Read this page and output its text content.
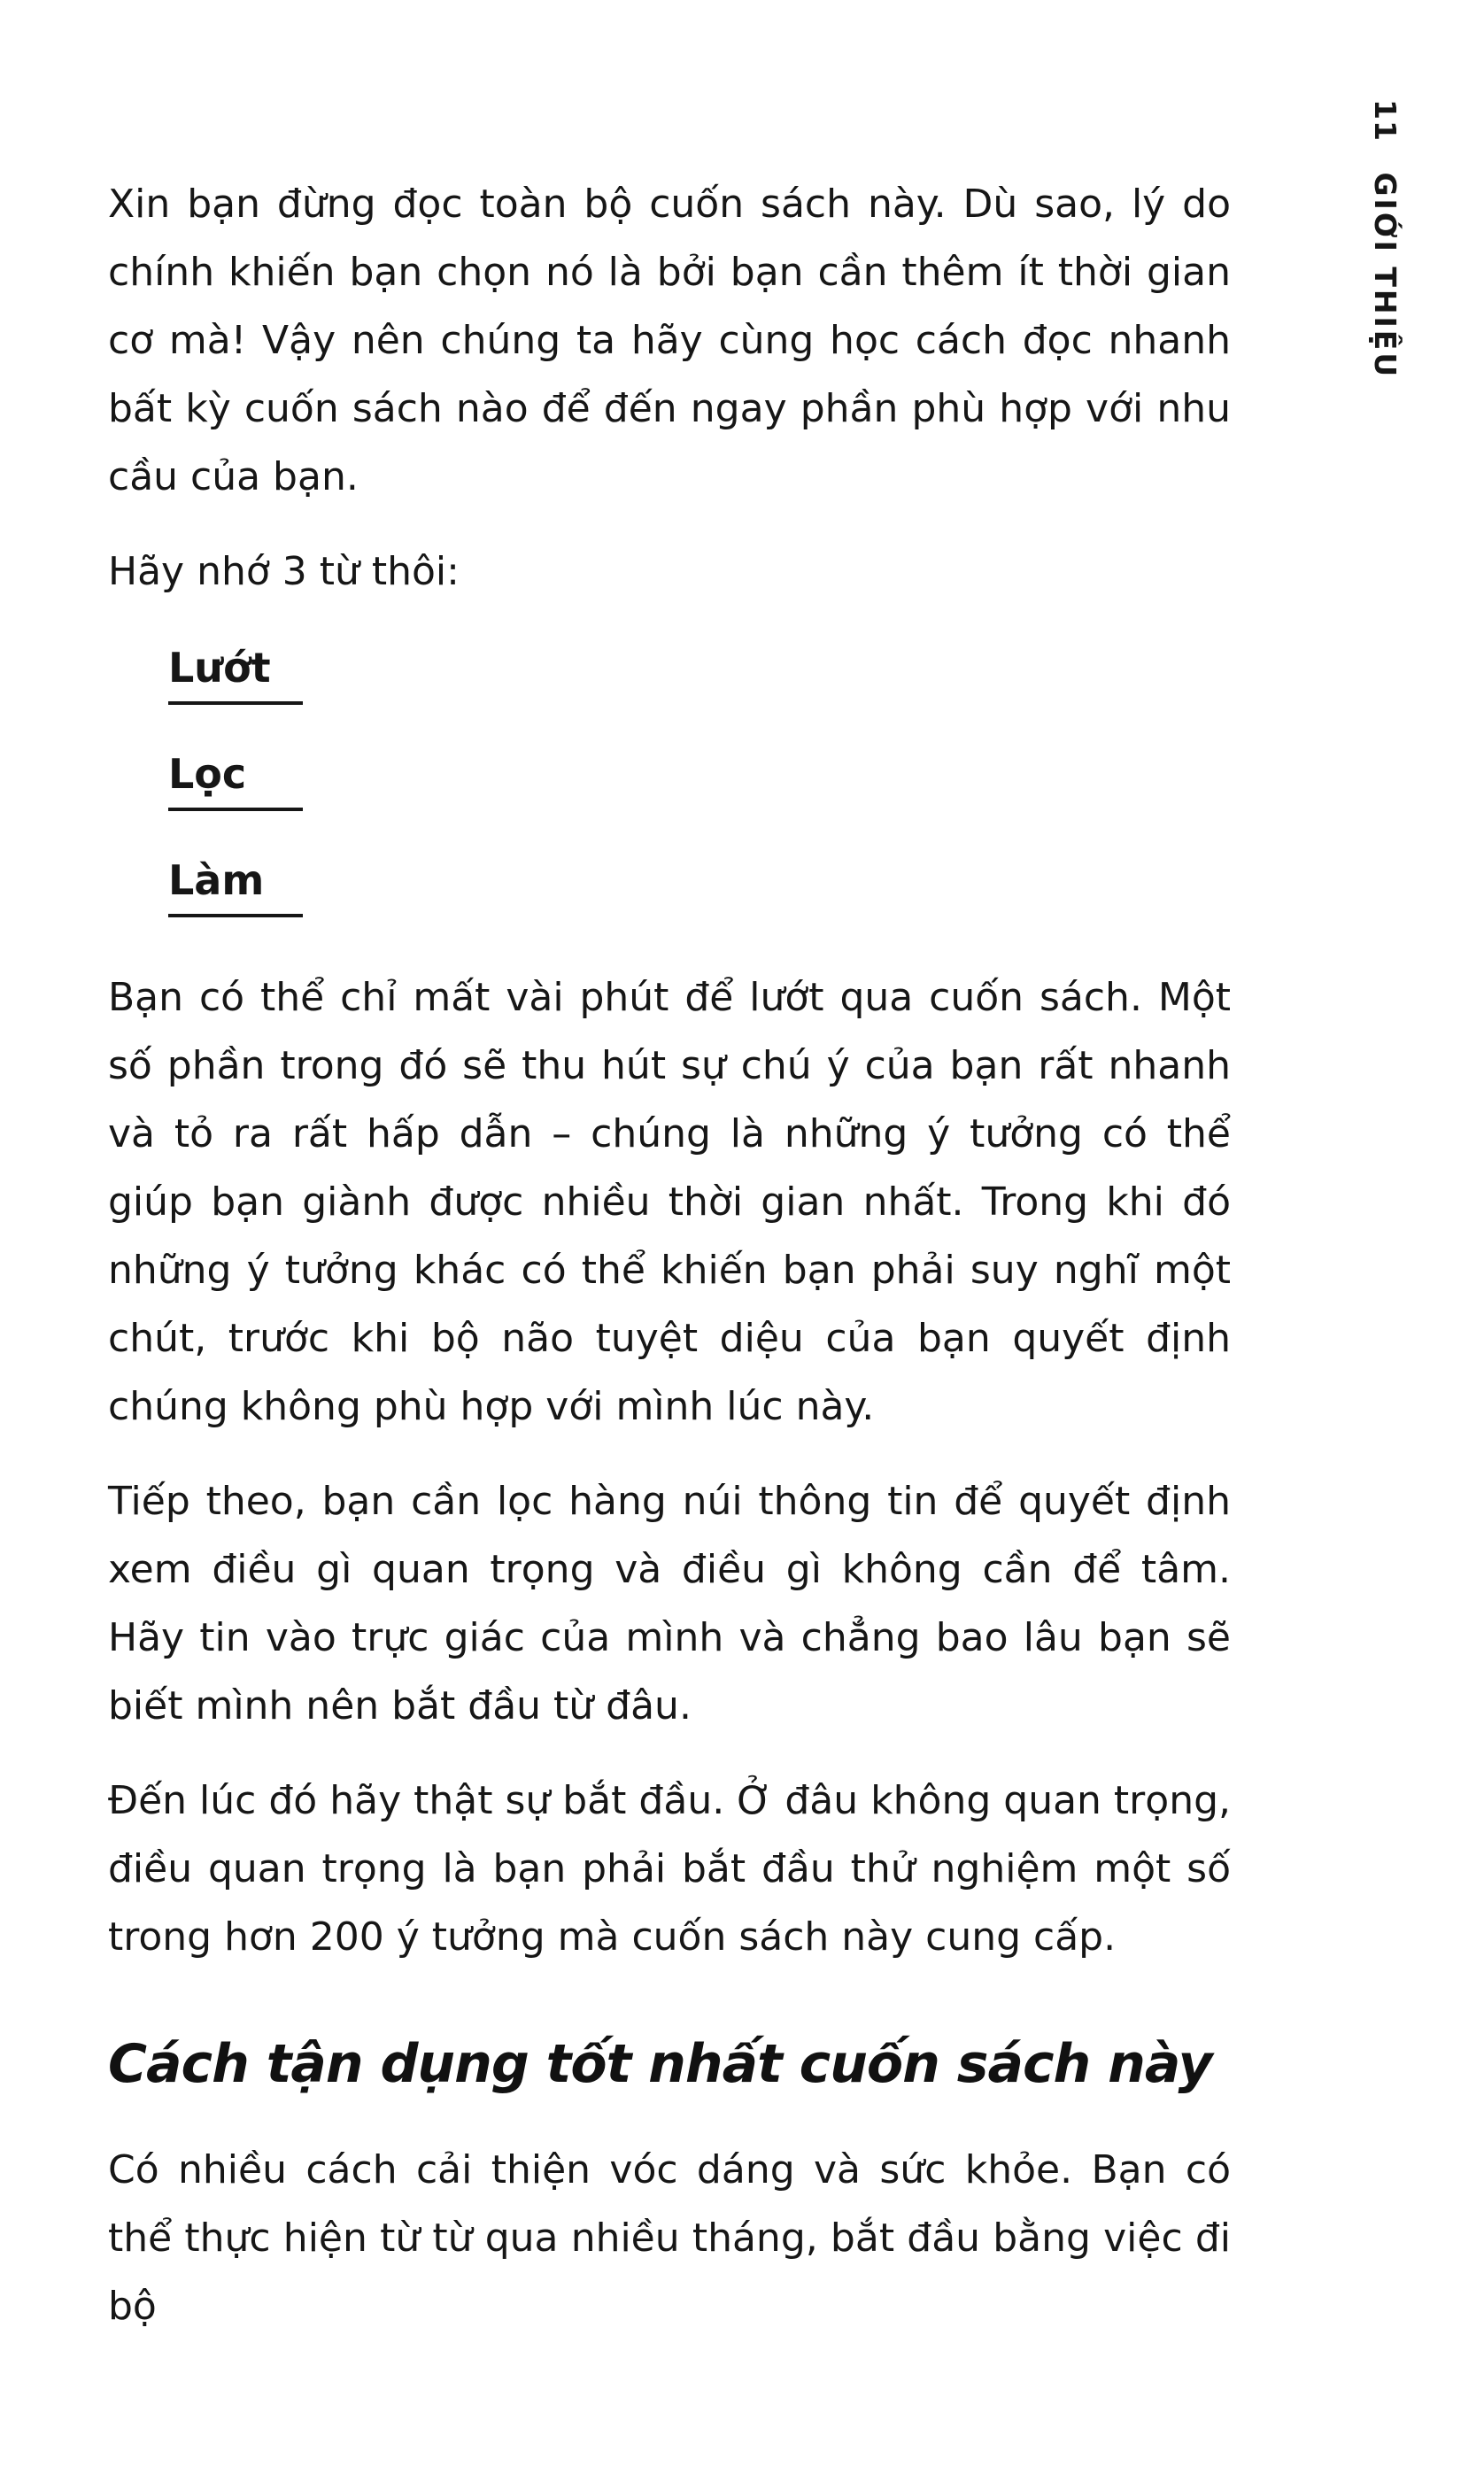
11 GIỚI THIỆU

Xin bạn đừng đọc toàn bộ cuốn sách này. Dù sao, lý do chính khiến bạn chọn nó là bởi bạn cần thêm ít thời gian cơ mà! Vậy nên chúng ta hãy cùng học cách đọc nhanh bất kỳ cuốn sách nào để đến ngay phần phù hợp với nhu cầu của bạn.

Hãy nhớ 3 từ thôi:

Lướt
Lọc
Làm

Bạn có thể chỉ mất vài phút để lướt qua cuốn sách. Một số phần trong đó sẽ thu hút sự chú ý của bạn rất nhanh và tỏ ra rất hấp dẫn – chúng là những ý tưởng có thể giúp bạn giành được nhiều thời gian nhất. Trong khi đó những ý tưởng khác có thể khiến bạn phải suy nghĩ một chút, trước khi bộ não tuyệt diệu của bạn quyết định chúng không phù hợp với mình lúc này.

Tiếp theo, bạn cần lọc hàng núi thông tin để quyết định xem điều gì quan trọng và điều gì không cần để tâm. Hãy tin vào trực giác của mình và chẳng bao lâu bạn sẽ biết mình nên bắt đầu từ đâu.

Đến lúc đó hãy thật sự bắt đầu. Ở đâu không quan trọng, điều quan trọng là bạn phải bắt đầu thử nghiệm một số trong hơn 200 ý tưởng mà cuốn sách này cung cấp.

Cách tận dụng tốt nhất cuốn sách này

Có nhiều cách cải thiện vóc dáng và sức khỏe. Bạn có thể thực hiện từ từ qua nhiều tháng, bắt đầu bằng việc đi bộ
